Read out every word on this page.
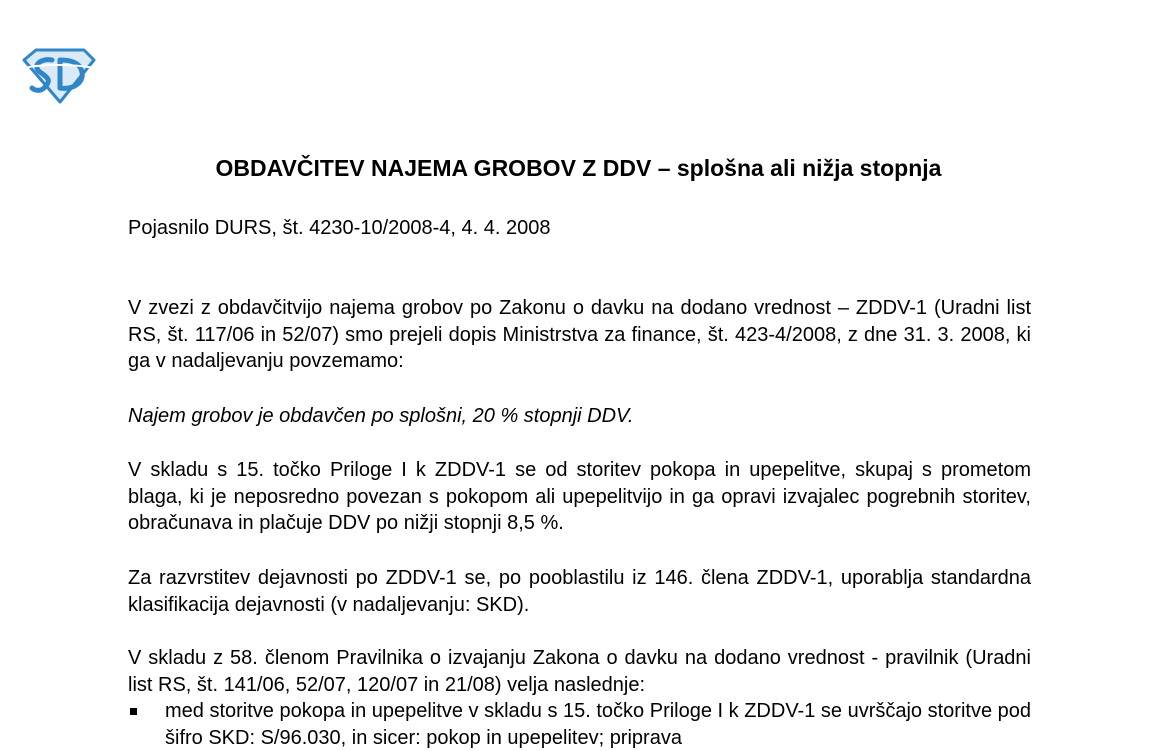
OBDAVČITEV NAJEMA GROBOV Z DDV – splošna ali nižja stopnja

Pojasnilo DURS, št. 4230-10/2008-4, 4. 4. 2008

V zvezi z obdavčitvijo najema grobov po Zakonu o davku na dodano vrednost – ZDDV-1 (Uradni list RS, št. 117/06 in 52/07) smo prejeli dopis Ministrstva za finance, št. 423-4/2008, z dne 31. 3. 2008, ki ga v nadaljevanju povzemamo:

Najem grobov je obdavčen po splošni, 20 % stopnji DDV.

V skladu s 15. točko Priloge I k ZDDV-1 se od storitev pokopa in upepelitve, skupaj s prometom blaga, ki je neposredno povezan s pokopom ali upepelitvijo in ga opravi izvajalec pogrebnih storitev, obračunava in plačuje DDV po nižji stopnji 8,5 %.

Za razvrstitev dejavnosti po ZDDV-1 se, po pooblastilu iz 146. člena ZDDV-1, uporablja standardna klasifikacija dejavnosti (v nadaljevanju: SKD).

V skladu z 58. členom Pravilnika o izvajanju Zakona o davku na dodano vrednost - pravilnik (Uradni list RS, št. 141/06, 52/07, 120/07 in 21/08) velja naslednje:

med storitve pokopa in upepelitve v skladu s 15. točko Priloge I k ZDDV-1 se uvrščajo storitve pod šifro SKD: S/96.030, in sicer: pokop in upepelitev; priprava
